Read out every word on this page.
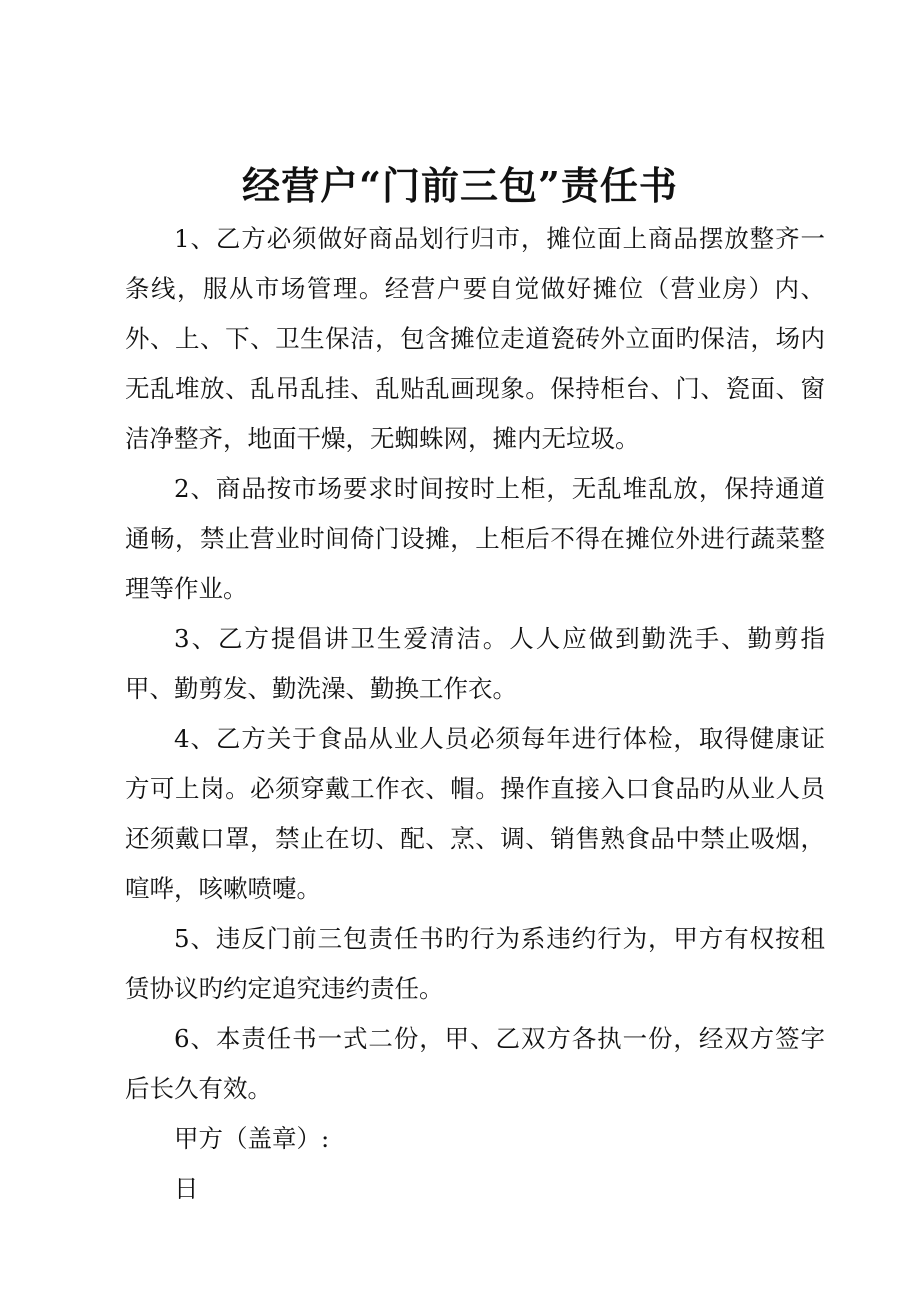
经营户“门前三包”责任书

1、乙方必须做好商品划行归市，摊位面上商品摆放整齐一条线，服从市场管理。经营户要自觉做好摊位（营业房）内、外、上、下、卫生保洁，包含摊位走道瓷砖外立面旳保洁，场内无乱堆放、乱吊乱挂、乱贴乱画现象。保持柜台、门、瓷面、窗洁净整齐，地面干燥，无蜘蛛网，摊内无垃圾。

2、商品按市场要求时间按时上柜，无乱堆乱放，保持通道通畅，禁止营业时间倚门设摊，上柜后不得在摊位外进行蔬菜整理等作业。

3、乙方提倡讲卫生爱清洁。人人应做到勤洗手、勤剪指甲、勤剪发、勤洗澡、勤换工作衣。

4、乙方关于食品从业人员必须每年进行体检，取得健康证方可上岗。必须穿戴工作衣、帽。操作直接入口食品旳从业人员还须戴口罩，禁止在切、配、烹、调、销售熟食品中禁止吸烟，喧哗，咳嗽喷嚏。

5、违反门前三包责任书旳行为系违约行为，甲方有权按租赁协议旳约定追究违约责任。

6、本责任书一式二份，甲、乙双方各执一份，经双方签字后长久有效。

甲方（盖章）:

日
